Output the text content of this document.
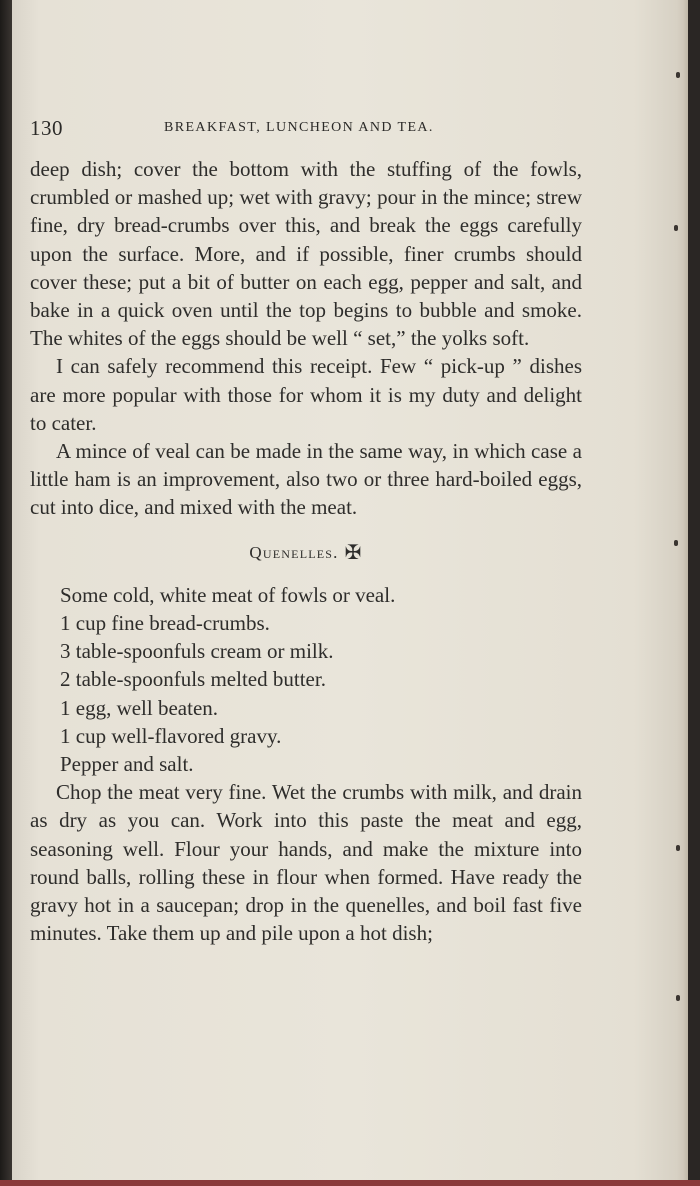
130	BREAKFAST, LUNCHEON AND TEA.

deep dish; cover the bottom with the stuffing of the fowls, crumbled or mashed up; wet with gravy; pour in the mince; strew fine, dry bread-crumbs over this, and break the eggs carefully upon the surface. More, and if possible, finer crumbs should cover these; put a bit of butter on each egg, pepper and salt, and bake in a quick oven until the top begins to bubble and smoke. The whites of the eggs should be well “ set,” the yolks soft.

I can safely recommend this receipt. Few “ pick-up ” dishes are more popular with those for whom it is my duty and delight to cater.

A mince of veal can be made in the same way, in which case a little ham is an improvement, also two or three hard-boiled eggs, cut into dice, and mixed with the meat.

Quenelles. ✠
Some cold, white meat of fowls or veal.
1 cup fine bread-crumbs.
3 table-spoonfuls cream or milk.
2 table-spoonfuls melted butter.
1 egg, well beaten.
1 cup well-flavored gravy.
Pepper and salt.

Chop the meat very fine. Wet the crumbs with milk, and drain as dry as you can. Work into this paste the meat and egg, seasoning well. Flour your hands, and make the mixture into round balls, rolling these in flour when formed. Have ready the gravy hot in a saucepan; drop in the quenelles, and boil fast five minutes. Take them up and pile upon a hot dish;
